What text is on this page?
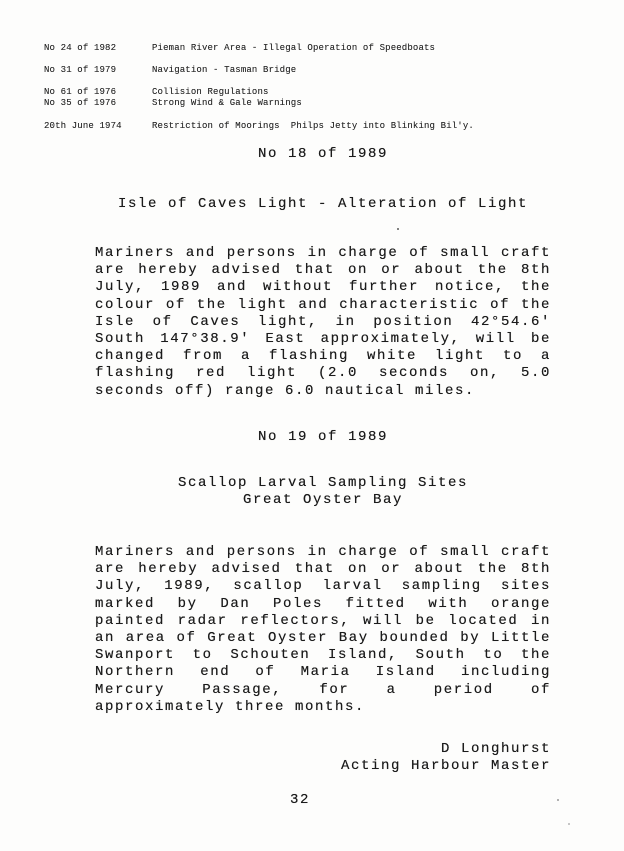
No 24 of 1982	Pieman River Area - Illegal Operation of Speedboats
No 31 of 1979	Navigation - Tasman Bridge
No 61 of 1976	Collision Regulations
No 35 of 1976	Strong Wind & Gale Warnings
20th June 1974	Restriction of Moorings  Philps Jetty into Blinking Bil'y.
No 18 of 1989
Isle of Caves Light - Alteration of Light
Mariners and persons in charge of small craft are hereby advised that on or about the 8th July, 1989 and without further notice, the colour of the light and characteristic of the Isle of Caves light, in position 42°54.6' South 147°38.9' East approximately, will be changed from a flashing white light to a flashing red light (2.0 seconds on, 5.0 seconds off) range 6.0 nautical miles.
No 19 of 1989
Scallop Larval Sampling Sites
Great Oyster Bay
Mariners and persons in charge of small craft are hereby advised that on or about the 8th July, 1989, scallop larval sampling sites marked by Dan Poles fitted with orange painted radar reflectors, will be located in an area of Great Oyster Bay bounded by Little Swanport to Schouten Island, South to the Northern end of Maria Island including Mercury Passage, for a period of approximately three months.
D Longhurst
Acting Harbour Master
32
